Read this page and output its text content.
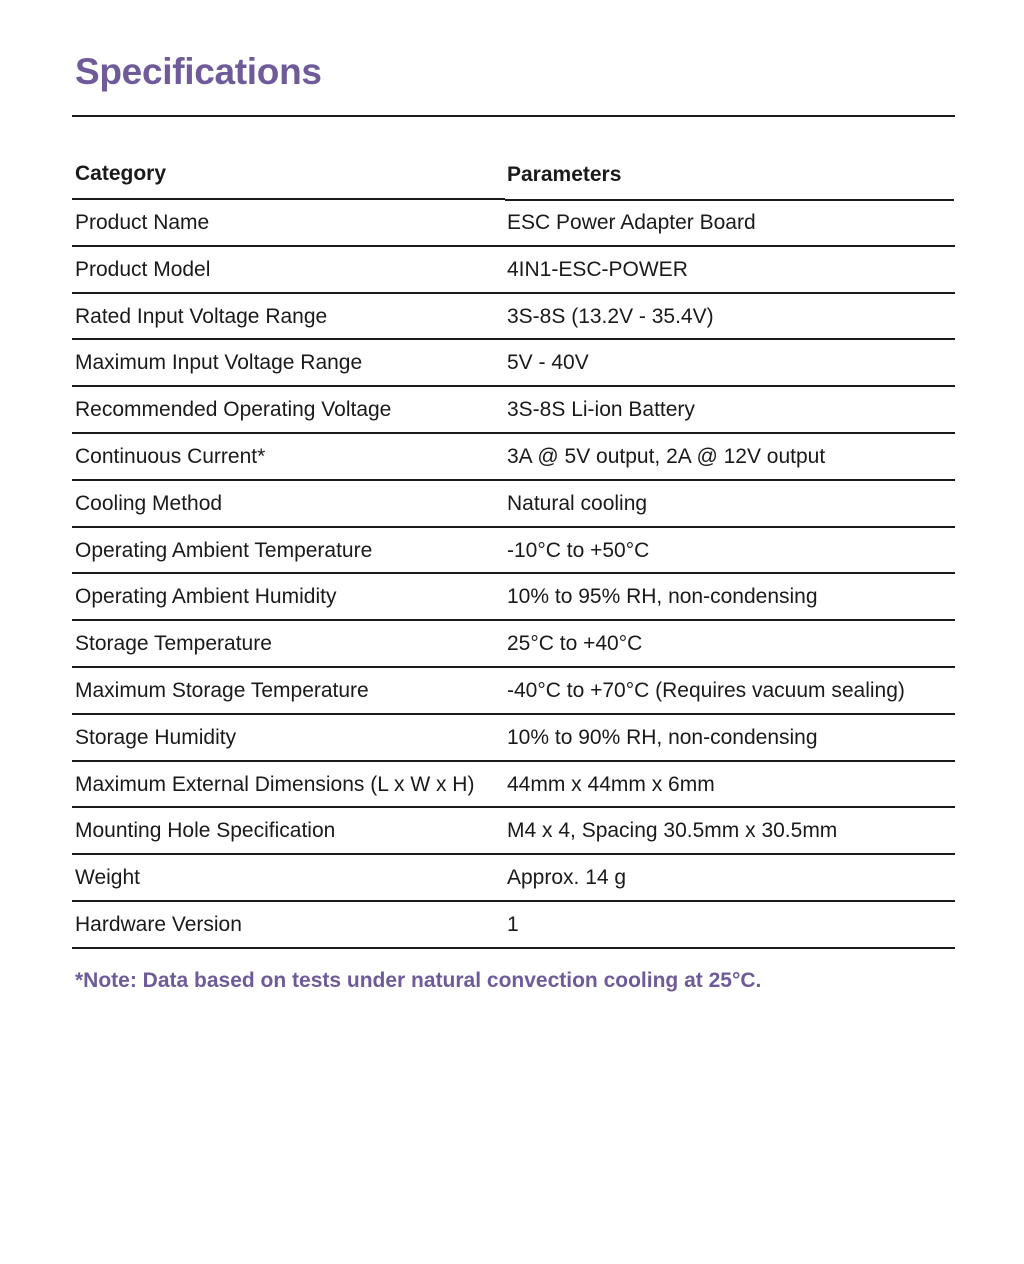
Specifications
Category	Parameters
Product Name	ESC Power Adapter Board
Product Model	4IN1-ESC-POWER
Rated Input Voltage Range	3S-8S (13.2V - 35.4V)
Maximum Input Voltage Range	5V - 40V
Recommended Operating Voltage	3S-8S Li-ion Battery
Continuous Current*	3A @ 5V output, 2A @ 12V output
Cooling Method	Natural cooling
Operating Ambient Temperature	-10°C to +50°C
Operating Ambient Humidity	10% to 95% RH, non-condensing
Storage Temperature	25°C to +40°C
Maximum Storage Temperature	-40°C to +70°C (Requires vacuum sealing)
Storage Humidity	10% to 90% RH, non-condensing
Maximum External Dimensions (L x W x H) 44mm x 44mm x 6mm
Mounting Hole Specification	M4 x 4, Spacing 30.5mm x 30.5mm
Weight	Approx. 14 g
Hardware Version	1

*Note: Data based on tests under natural convection cooling at 25°C.
